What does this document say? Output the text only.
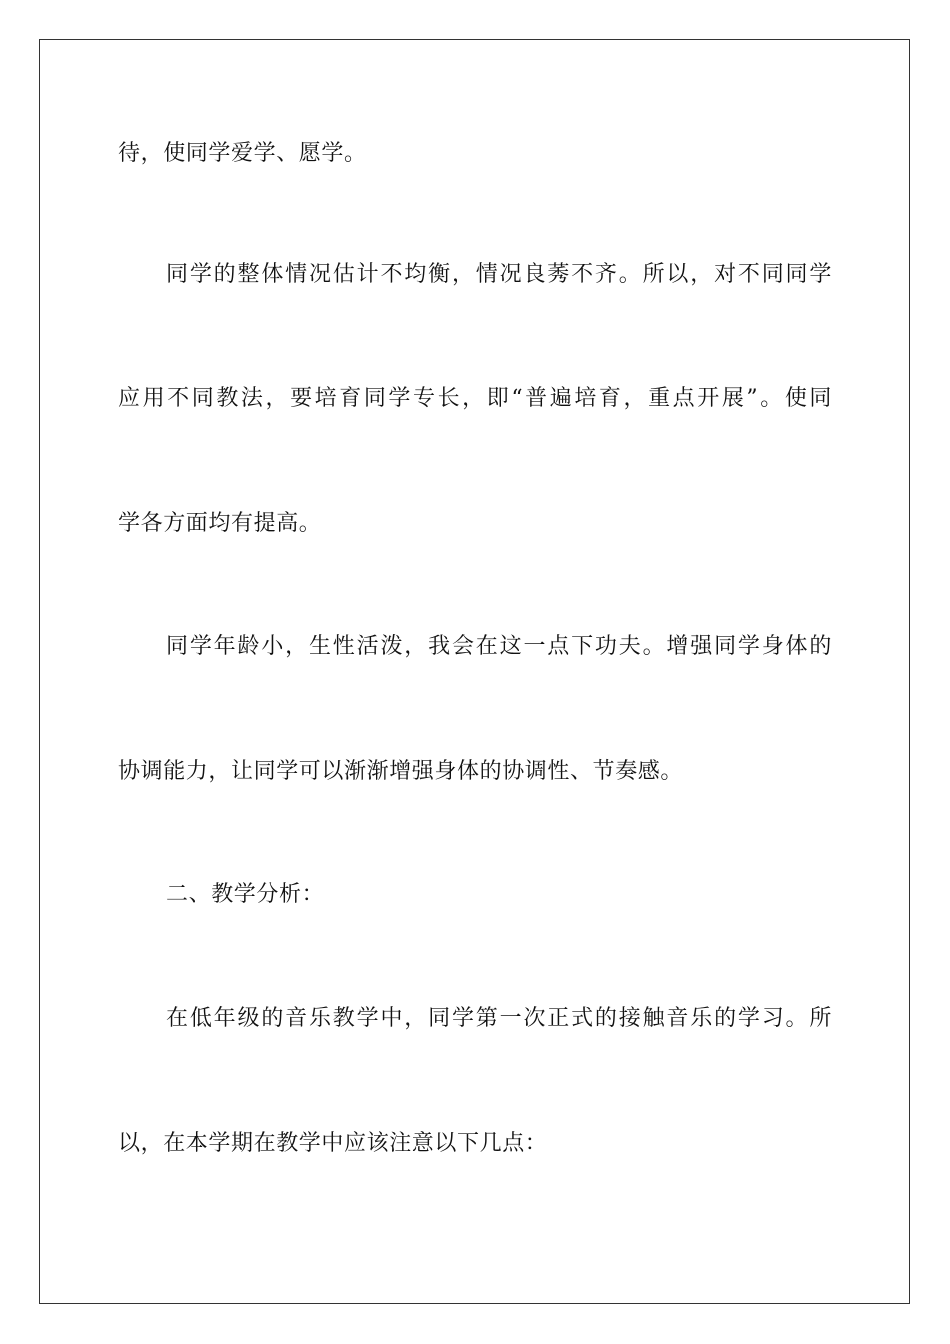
待，使同学爱学、愿学。
同学的整体情况估计不均衡，情况良莠不齐。所以，对不同同学
应用不同教法，要培育同学专长，即“普遍培育，重点开展”。使同
学各方面均有提高。
同学年龄小，生性活泼，我会在这一点下功夫。增强同学身体的
协调能力，让同学可以渐渐增强身体的协调性、节奏感。
二、教学分析：
在低年级的音乐教学中，同学第一次正式的接触音乐的学习。所
以，在本学期在教学中应该注意以下几点：
